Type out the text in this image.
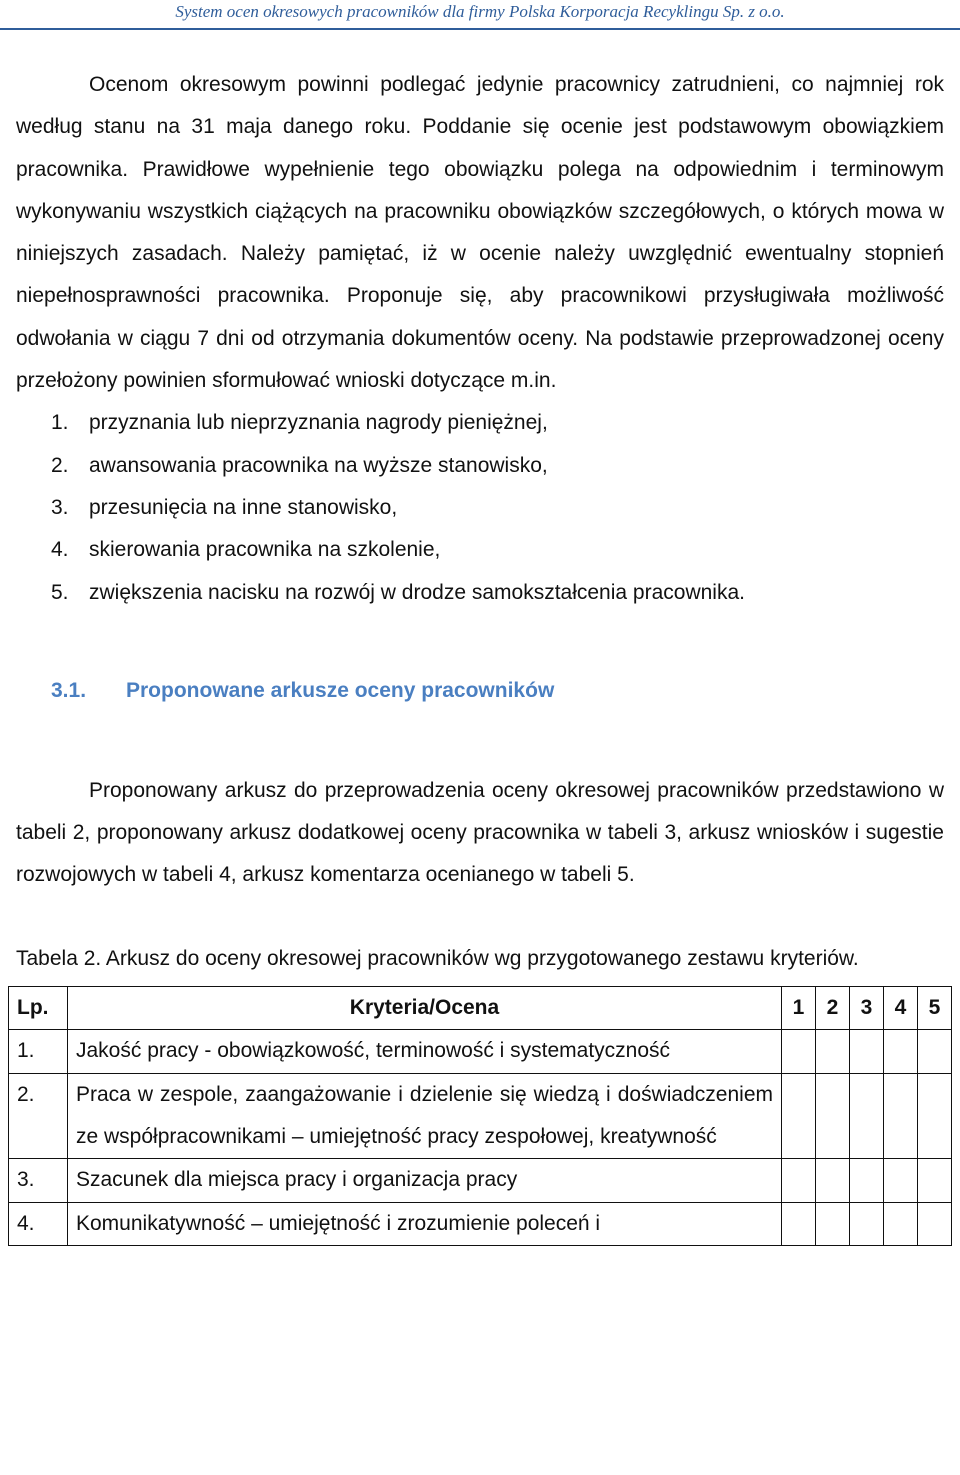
System ocen okresowych pracowników dla firmy Polska Korporacja Recyklingu Sp. z o.o.

Ocenom okresowym powinni podlegać jedynie pracownicy zatrudnieni, co najmniej rok według stanu na 31 maja danego roku. Poddanie się ocenie jest podstawowym obowiązkiem pracownika. Prawidłowe wypełnienie tego obowiązku polega na odpowiednim i terminowym wykonywaniu wszystkich ciążących na pracowniku obowiązków szczegółowych, o których mowa w niniejszych zasadach. Należy pamiętać, iż w ocenie należy uwzględnić ewentualny stopnień niepełnosprawności pracownika. Proponuje się, aby pracownikowi przysługiwała możliwość odwołania w ciągu 7 dni od otrzymania dokumentów oceny. Na podstawie przeprowadzonej oceny przełożony powinien sformułować wnioski dotyczące m.in.

1. przyznania lub nieprzyznania nagrody pieniężnej,
2. awansowania pracownika na wyższe stanowisko,
3. przesunięcia na inne stanowisko,
4. skierowania pracownika na szkolenie,
5. zwiększenia nacisku na rozwój w drodze samokształcenia pracownika.
3.1.	Proponowane arkusze oceny pracowników

Proponowany arkusz do przeprowadzenia oceny okresowej pracowników przedstawiono w tabeli 2, proponowany arkusz dodatkowej oceny pracownika w tabeli 3, arkusz wniosków i sugestie rozwojowych w tabeli 4, arkusz komentarza ocenianego w tabeli 5.

Tabela 2. Arkusz do oceny okresowej pracowników wg przygotowanego zestawu kryteriów.

Lp.	Kryteria/Ocena	1	2	3	4	5
1.	Jakość pracy - obowiązkowość, terminowość i systematyczność					
2.	Praca w zespole, zaangażowanie i dzielenie się wiedzą i doświadczeniem ze współpracownikami – umiejętność pracy zespołowej, kreatywność					
3.	Szacunek dla miejsca pracy i organizacja pracy					
4.	Komunikatywność – umiejętność i zrozumienie poleceń i					
